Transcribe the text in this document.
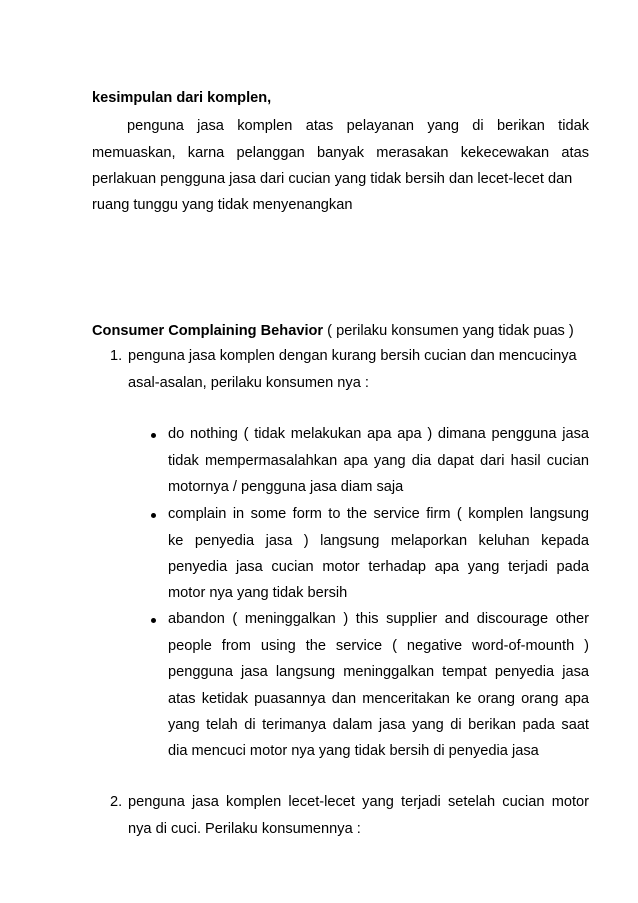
kesimpulan dari komplen,
penguna jasa komplen atas pelayanan yang di berikan tidak
memuaskan, karna pelanggan banyak merasakan kekecewakan atas
perlakuan pengguna jasa dari cucian yang tidak bersih dan lecet-lecet dan
ruang tunggu yang tidak menyenangkan
Consumer Complaining Behavior ( perilaku konsumen yang tidak puas )
1. penguna jasa komplen dengan kurang bersih cucian dan mencucinya
asal-asalan, perilaku konsumen nya :
do nothing ( tidak melakukan apa apa ) dimana pengguna jasa
tidak mempermasalahkan apa yang dia dapat dari hasil cucian
motornya / pengguna jasa diam saja
complain in some form to the service firm ( komplen langsung
ke penyedia jasa ) langsung melaporkan keluhan kepada
penyedia jasa cucian motor terhadap apa yang terjadi pada
motor nya yang tidak bersih
abandon ( meninggalkan ) this supplier and discourage other
people from using the service ( negative word-of-mounth )
pengguna jasa langsung meninggalkan tempat penyedia jasa
atas ketidak puasannya dan menceritakan ke orang orang apa
yang telah di terimanya dalam jasa yang di berikan pada saat
dia mencuci motor nya yang tidak bersih di penyedia jasa
2. penguna jasa komplen lecet-lecet yang terjadi setelah cucian motor
nya di cuci. Perilaku konsumennya :
